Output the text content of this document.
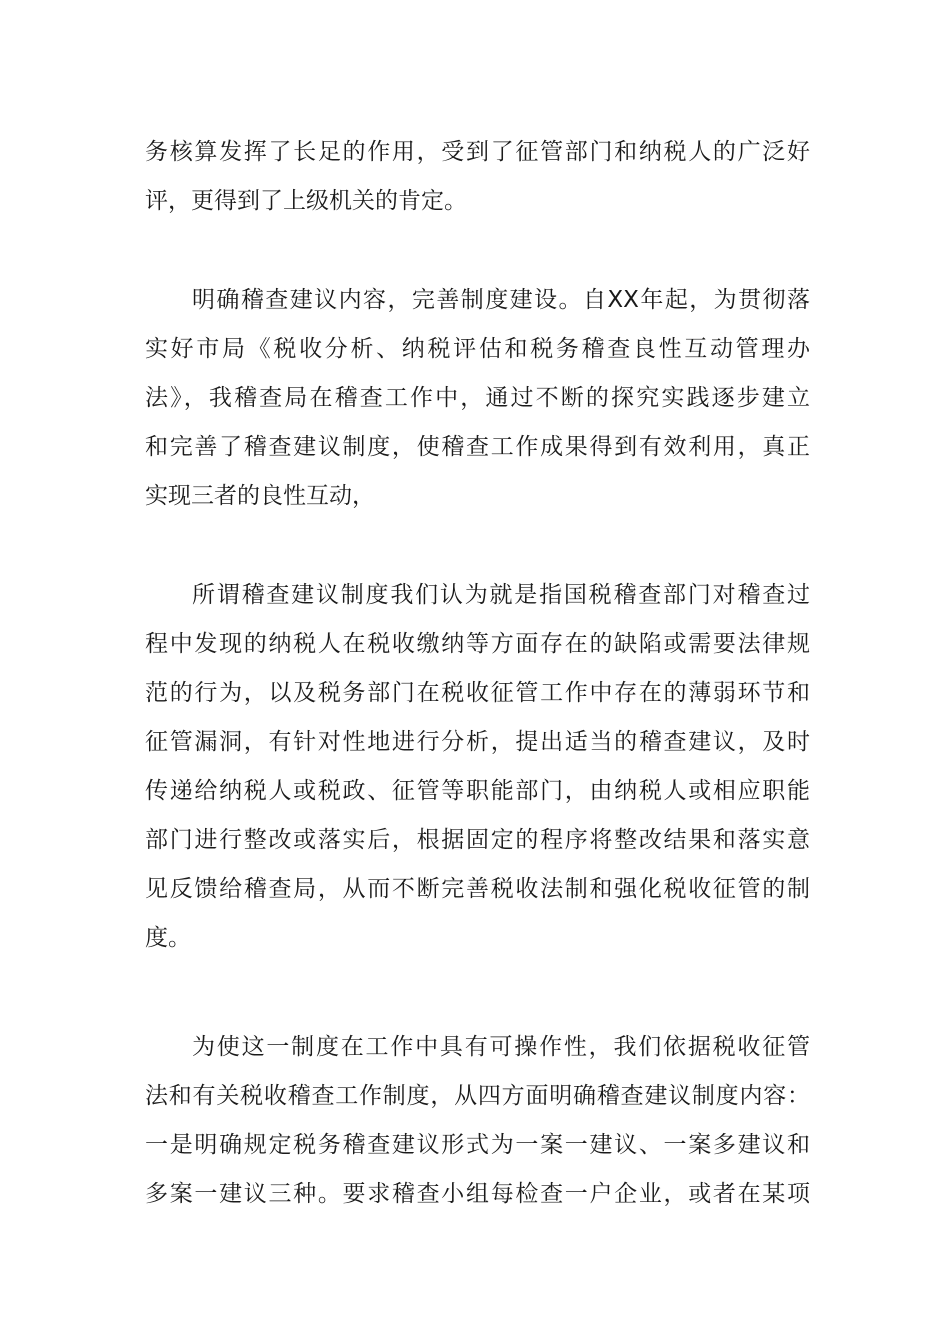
务核算发挥了长足的作用，受到了征管部门和纳税人的广泛好
评，更得到了上级机关的肯定。
明确稽查建议内容，完善制度建设。自XX年起，为贯彻落
实好市局《税收分析、纳税评估和税务稽查良性互动管理办
法》，我稽查局在稽查工作中，通过不断的探究实践逐步建立
和完善了稽查建议制度，使稽查工作成果得到有效利用，真正
实现三者的良性互动，
所谓稽查建议制度我们认为就是指国税稽查部门对稽查过
程中发现的纳税人在税收缴纳等方面存在的缺陷或需要法律规
范的行为，以及税务部门在税收征管工作中存在的薄弱环节和
征管漏洞，有针对性地进行分析，提出适当的稽查建议，及时
传递给纳税人或税政、征管等职能部门，由纳税人或相应职能
部门进行整改或落实后，根据固定的程序将整改结果和落实意
见反馈给稽查局，从而不断完善税收法制和强化税收征管的制
度。
为使这一制度在工作中具有可操作性，我们依据税收征管
法和有关税收稽查工作制度，从四方面明确稽查建议制度内容：
一是明确规定税务稽查建议形式为一案一建议、一案多建议和
多案一建议三种。要求稽查小组每检查一户企业，或者在某项
